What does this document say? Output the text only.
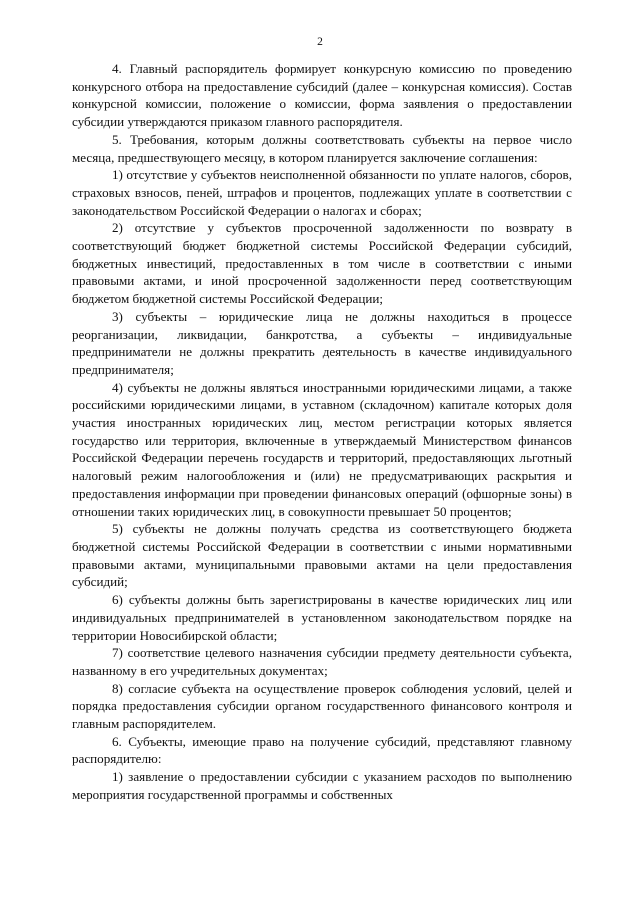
2

4. Главный распорядитель формирует конкурсную комиссию по проведению конкурсного отбора на предоставление субсидий (далее – конкурсная комиссия). Состав конкурсной комиссии, положение о комиссии, форма заявления о предоставлении субсидии утверждаются приказом главного распорядителя.

5. Требования, которым должны соответствовать субъекты на первое число месяца, предшествующего месяцу, в котором планируется заключение соглашения:

1) отсутствие у субъектов неисполненной обязанности по уплате налогов, сборов, страховых взносов, пеней, штрафов и процентов, подлежащих уплате в соответствии с законодательством Российской Федерации о налогах и сборах;

2) отсутствие у субъектов просроченной задолженности по возврату в соответствующий бюджет бюджетной системы Российской Федерации субсидий, бюджетных инвестиций, предоставленных в том числе в соответствии с иными правовыми актами, и иной просроченной задолженности перед соответствующим бюджетом бюджетной системы Российской Федерации;

3) субъекты – юридические лица не должны находиться в процессе реорганизации, ликвидации, банкротства, а субъекты – индивидуальные предприниматели не должны прекратить деятельность в качестве индивидуального предпринимателя;

4) субъекты не должны являться иностранными юридическими лицами, а также российскими юридическими лицами, в уставном (складочном) капитале которых доля участия иностранных юридических лиц, местом регистрации которых является государство или территория, включенные в утверждаемый Министерством финансов Российской Федерации перечень государств и территорий, предоставляющих льготный налоговый режим налогообложения и (или) не предусматривающих раскрытия и предоставления информации при проведении финансовых операций (офшорные зоны) в отношении таких юридических лиц, в совокупности превышает 50 процентов;

5) субъекты не должны получать средства из соответствующего бюджета бюджетной системы Российской Федерации в соответствии с иными нормативными правовыми актами, муниципальными правовыми актами на цели предоставления субсидий;

6) субъекты должны быть зарегистрированы в качестве юридических лиц или индивидуальных предпринимателей в установленном законодательством порядке на территории Новосибирской области;

7) соответствие целевого назначения субсидии предмету деятельности субъекта, названному в его учредительных документах;

8) согласие субъекта на осуществление проверок соблюдения условий, целей и порядка предоставления субсидии органом государственного финансового контроля и главным распорядителем.

6. Субъекты, имеющие право на получение субсидий, представляют главному распорядителю:

1) заявление о предоставлении субсидии с указанием расходов по выполнению мероприятия государственной программы и собственных
